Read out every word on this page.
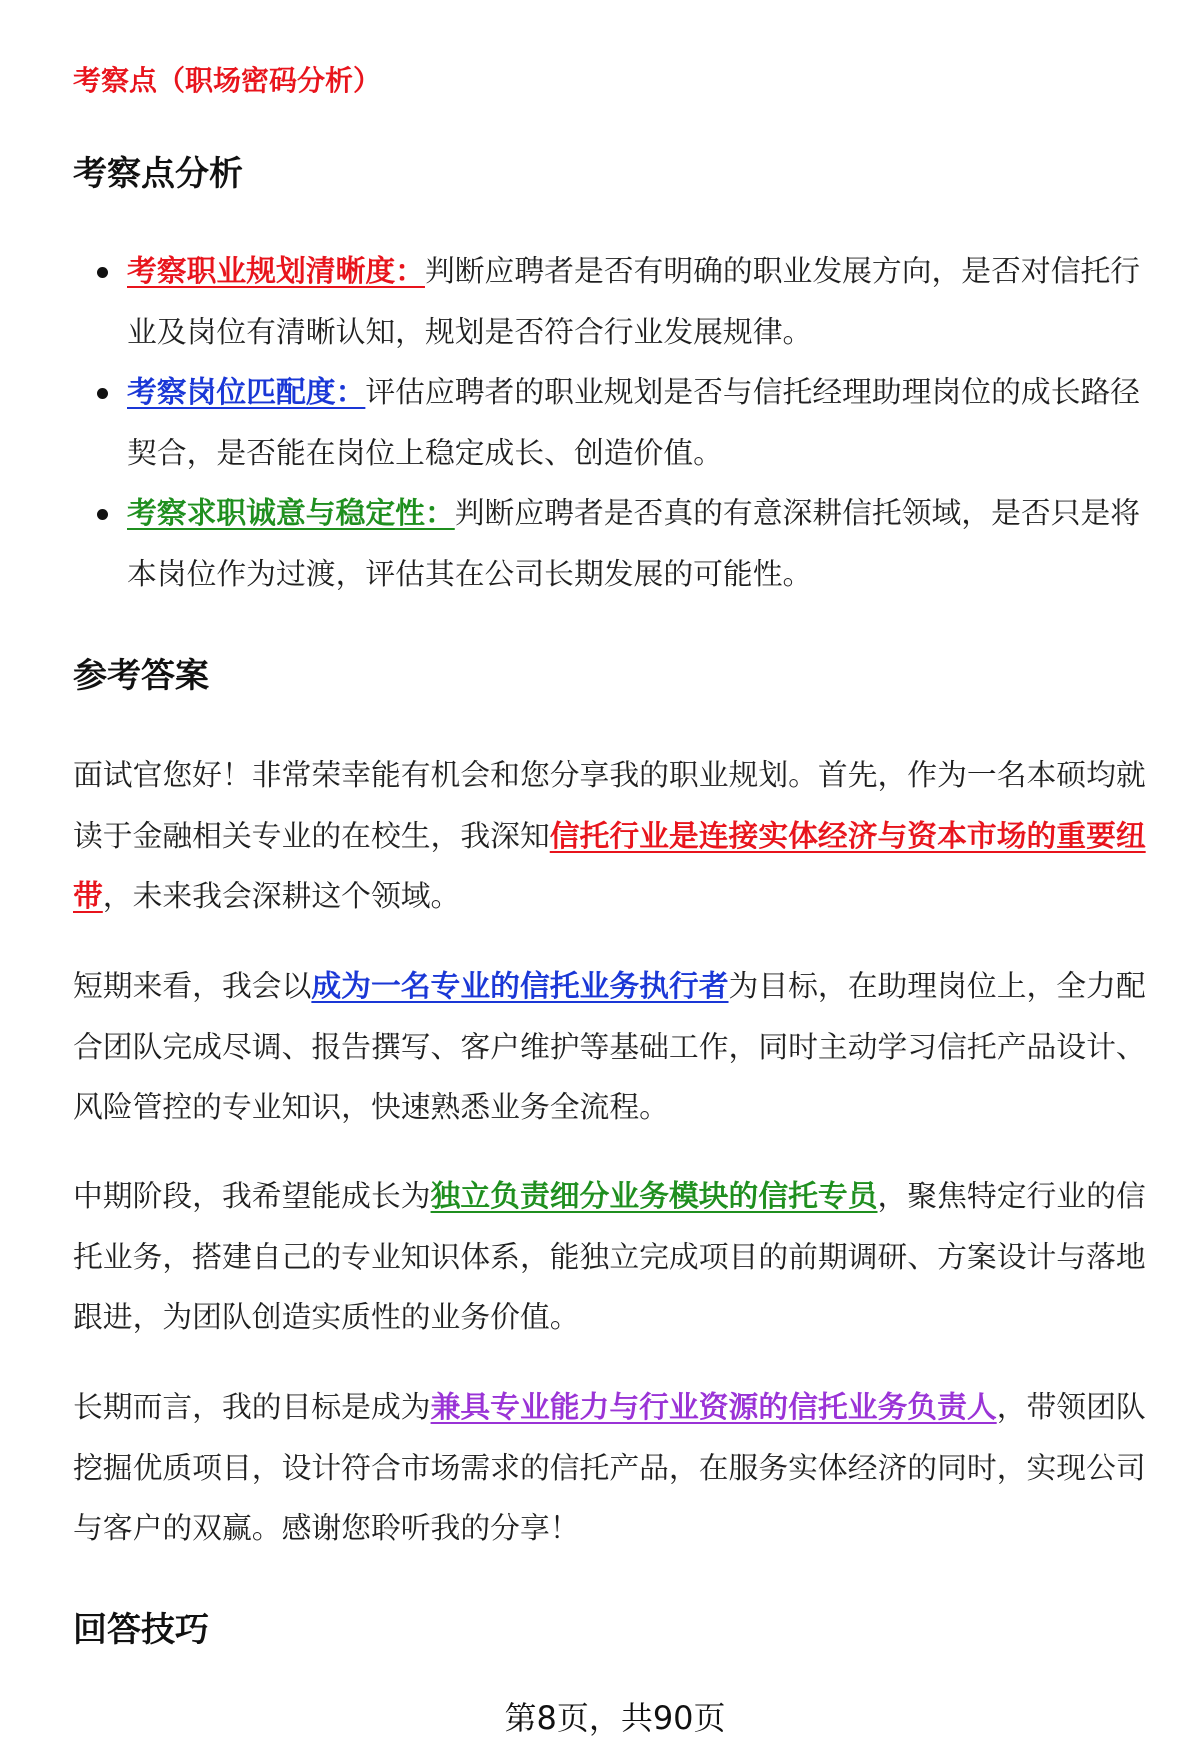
考察点（职场密码分析）
考察点分析
考察职业规划清晰度：判断应聘者是否有明确的职业发展方向，是否对信托行
业及岗位有清晰认知，规划是否符合行业发展规律。
考察岗位匹配度：评估应聘者的职业规划是否与信托经理助理岗位的成长路径
契合，是否能在岗位上稳定成长、创造价值。
考察求职诚意与稳定性：判断应聘者是否真的有意深耕信托领域，是否只是将
本岗位作为过渡，评估其在公司长期发展的可能性。
参考答案
面试官您好！非常荣幸能有机会和您分享我的职业规划。首先，作为一名本硕均就
读于金融相关专业的在校生，我深知信托行业是连接实体经济与资本市场的重要纽
带，未来我会深耕这个领域。
短期来看，我会以成为一名专业的信托业务执行者为目标，在助理岗位上，全力配
合团队完成尽调、报告撰写、客户维护等基础工作，同时主动学习信托产品设计、
风险管控的专业知识，快速熟悉业务全流程。
中期阶段，我希望能成长为独立负责细分业务模块的信托专员，聚焦特定行业的信
托业务，搭建自己的专业知识体系，能独立完成项目的前期调研、方案设计与落地
跟进，为团队创造实质性的业务价值。
长期而言，我的目标是成为兼具专业能力与行业资源的信托业务负责人，带领团队
挖掘优质项目，设计符合市场需求的信托产品，在服务实体经济的同时，实现公司
与客户的双赢。感谢您聆听我的分享！
回答技巧
第8页，共90页
